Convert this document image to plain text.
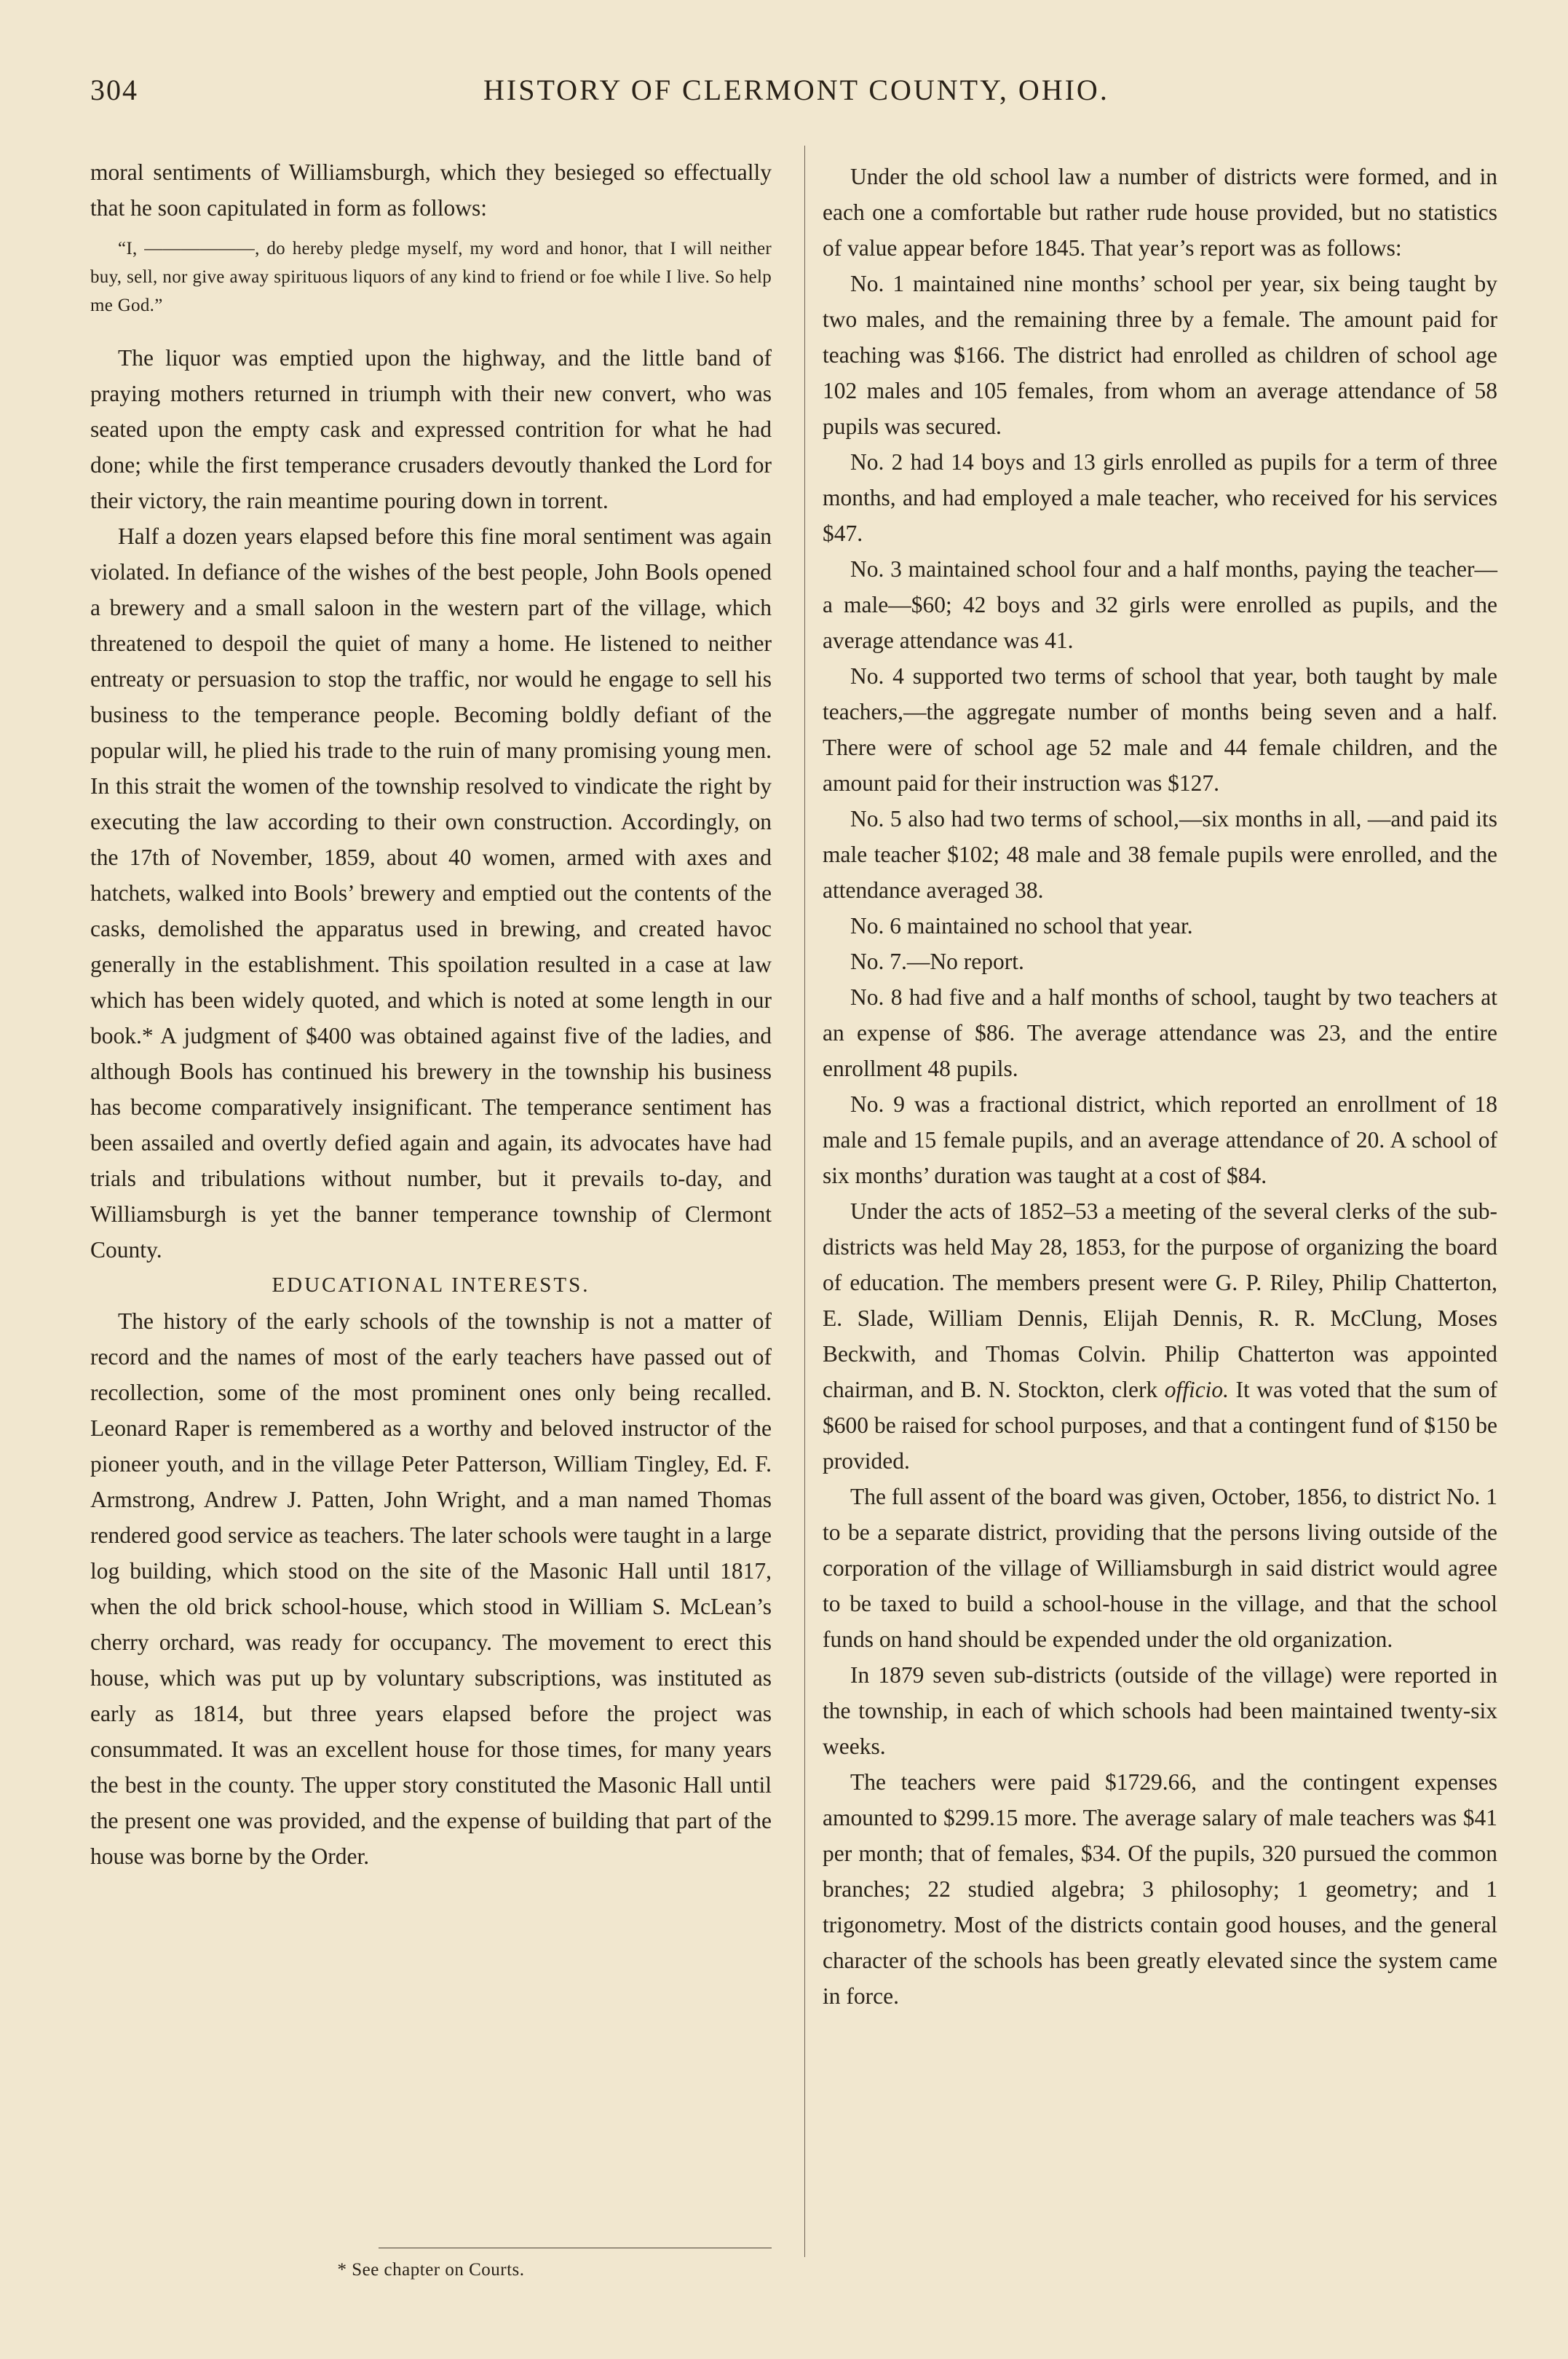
304	HISTORY OF CLERMONT COUNTY, OHIO.

moral sentiments of Williamsburgh, which they besieged so effectually that he soon capitulated in form as follows:

“I, ——————, do hereby pledge myself, my word and honor, that I will neither buy, sell, nor give away spirituous liquors of any kind to friend or foe while I live. So help me God.”

The liquor was emptied upon the highway, and the little band of praying mothers returned in triumph with their new convert, who was seated upon the empty cask and expressed contrition for what he had done; while the first temperance crusaders devoutly thanked the Lord for their victory, the rain meantime pouring down in torrent.

Half a dozen years elapsed before this fine moral sentiment was again violated. In defiance of the wishes of the best people, John Bools opened a brewery and a small saloon in the western part of the village, which threatened to despoil the quiet of many a home. He listened to neither entreaty or persuasion to stop the traffic, nor would he engage to sell his business to the temperance people. Becoming boldly defiant of the popular will, he plied his trade to the ruin of many promising young men. In this strait the women of the township resolved to vindicate the right by executing the law according to their own construction. Accordingly, on the 17th of November, 1859, about 40 women, armed with axes and hatchets, walked into Bools’ brewery and emptied out the contents of the casks, demolished the apparatus used in brewing, and created havoc generally in the establishment. This spoilation resulted in a case at law which has been widely quoted, and which is noted at some length in our book.* A judgment of $400 was obtained against five of the ladies, and although Bools has continued his brewery in the township his business has become comparatively insignificant. The temperance sentiment has been assailed and overtly defied again and again, its advocates have had trials and tribulations without number, but it prevails to-day, and Williamsburgh is yet the banner temperance township of Clermont County.

EDUCATIONAL INTERESTS.

The history of the early schools of the township is not a matter of record and the names of most of the early teachers have passed out of recollection, some of the most prominent ones only being recalled. Leonard Raper is remembered as a worthy and beloved instructor of the pioneer youth, and in the village Peter Patterson, William Tingley, Ed. F. Armstrong, Andrew J. Patten, John Wright, and a man named Thomas rendered good service as teachers. The later schools were taught in a large log building, which stood on the site of the Masonic Hall until 1817, when the old brick school-house, which stood in William S. McLean’s cherry orchard, was ready for occupancy. The movement to erect this house, which was put up by voluntary subscriptions, was instituted as early as 1814, but three years elapsed before the project was consummated. It was an excellent house for those times, for many years the best in the county. The upper story constituted the Masonic Hall until the present one was provided, and the expense of building that part of the house was borne by the Order.

Under the old school law a number of districts were formed, and in each one a comfortable but rather rude house provided, but no statistics of value appear before 1845. That year’s report was as follows:

No. 1 maintained nine months’ school per year, six being taught by two males, and the remaining three by a female. The amount paid for teaching was $166. The district had enrolled as children of school age 102 males and 105 females, from whom an average attendance of 58 pupils was secured.

No. 2 had 14 boys and 13 girls enrolled as pupils for a term of three months, and had employed a male teacher, who received for his services $47.

No. 3 maintained school four and a half months, paying the teacher—a male—$60; 42 boys and 32 girls were enrolled as pupils, and the average attendance was 41.

No. 4 supported two terms of school that year, both taught by male teachers,—the aggregate number of months being seven and a half. There were of school age 52 male and 44 female children, and the amount paid for their instruction was $127.

No. 5 also had two terms of school,—six months in all, —and paid its male teacher $102; 48 male and 38 female pupils were enrolled, and the attendance averaged 38.

No. 6 maintained no school that year.

No. 7.—No report.

No. 8 had five and a half months of school, taught by two teachers at an expense of $86. The average attendance was 23, and the entire enrollment 48 pupils.

No. 9 was a fractional district, which reported an enrollment of 18 male and 15 female pupils, and an average attendance of 20. A school of six months’ duration was taught at a cost of $84.

Under the acts of 1852–53 a meeting of the several clerks of the sub-districts was held May 28, 1853, for the purpose of organizing the board of education. The members present were G. P. Riley, Philip Chatterton, E. Slade, William Dennis, Elijah Dennis, R. R. McClung, Moses Beckwith, and Thomas Colvin. Philip Chatterton was appointed chairman, and B. N. Stockton, clerk officio. It was voted that the sum of $600 be raised for school purposes, and that a contingent fund of $150 be provided.

The full assent of the board was given, October, 1856, to district No. 1 to be a separate district, providing that the persons living outside of the corporation of the village of Williamsburgh in said district would agree to be taxed to build a school-house in the village, and that the school funds on hand should be expended under the old organization.

In 1879 seven sub-districts (outside of the village) were reported in the township, in each of which schools had been maintained twenty-six weeks.

The teachers were paid $1729.66, and the contingent expenses amounted to $299.15 more. The average salary of male teachers was $41 per month; that of females, $34. Of the pupils, 320 pursued the common branches; 22 studied algebra; 3 philosophy; 1 geometry; and 1 trigonometry. Most of the districts contain good houses, and the general character of the schools has been greatly elevated since the system came in force.

* See chapter on Courts.
